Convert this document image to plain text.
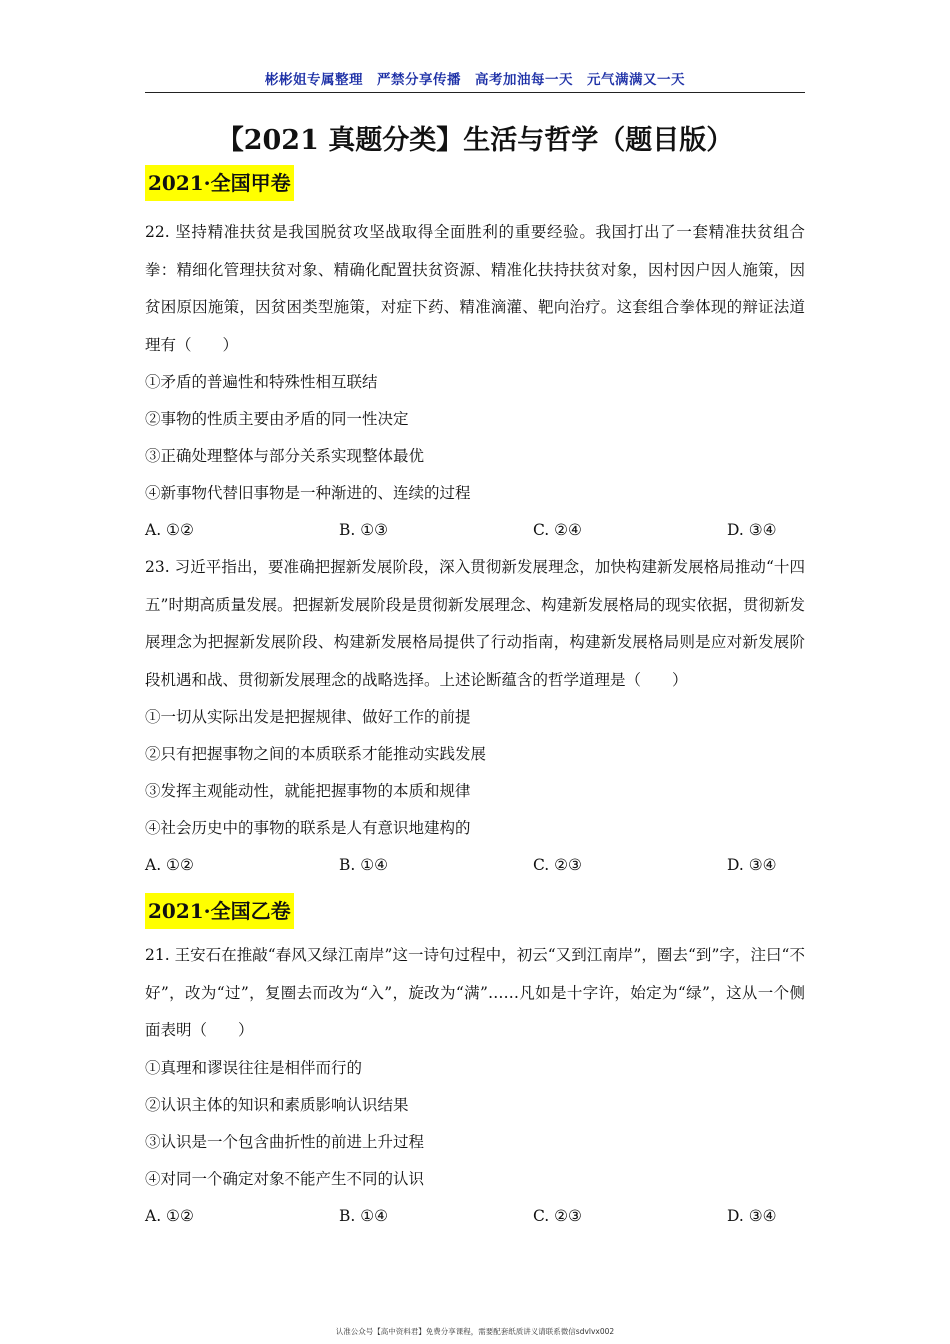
彬彬姐专属整理　严禁分享传播　高考加油每一天　元气满满又一天
【2021 真题分类】生活与哲学（题目版）
2021·全国甲卷

22. 坚持精准扶贫是我国脱贫攻坚战取得全面胜利的重要经验。我国打出了一套精准扶贫组合拳：精细化管理扶贫对象、精确化配置扶贫资源、精准化扶持扶贫对象，因村因户因人施策，因贫困原因施策，因贫困类型施策，对症下药、精准滴灌、靶向治疗。这套组合拳体现的辩证法道理有（　　）

①矛盾的普遍性和特殊性相互联结

②事物的性质主要由矛盾的同一性决定

③正确处理整体与部分关系实现整体最优

④新事物代替旧事物是一种渐进的、连续的过程

A. ①②	B. ①③	C. ②④	D. ③④

23. 习近平指出，要准确把握新发展阶段，深入贯彻新发展理念，加快构建新发展格局推动“十四五”时期高质量发展。把握新发展阶段是贯彻新发展理念、构建新发展格局的现实依据，贯彻新发展理念为把握新发展阶段、构建新发展格局提供了行动指南，构建新发展格局则是应对新发展阶段机遇和战、贯彻新发展理念的战略选择。上述论断蕴含的哲学道理是（　　）

①一切从实际出发是把握规律、做好工作的前提

②只有把握事物之间的本质联系才能推动实践发展

③发挥主观能动性，就能把握事物的本质和规律

④社会历史中的事物的联系是人有意识地建构的

A. ①②	B. ①④	C. ②③	D. ③④
2021·全国乙卷

21. 王安石在推敲“春风又绿江南岸”这一诗句过程中，初云“又到江南岸”，圈去“到”字，注曰“不好”，改为“过”，复圈去而改为“入”，旋改为“满”……凡如是十字许，始定为“绿”，这从一个侧面表明（　　）

①真理和谬误往往是相伴而行的

②认识主体的知识和素质影响认识结果

③认识是一个包含曲折性的前进上升过程

④对同一个确定对象不能产生不同的认识

A. ①②	B. ①④	C. ②③	D. ③④
认准公众号【高中资料君】免费分享课程，需要配套纸质讲义请联系微信sdvlvx002
